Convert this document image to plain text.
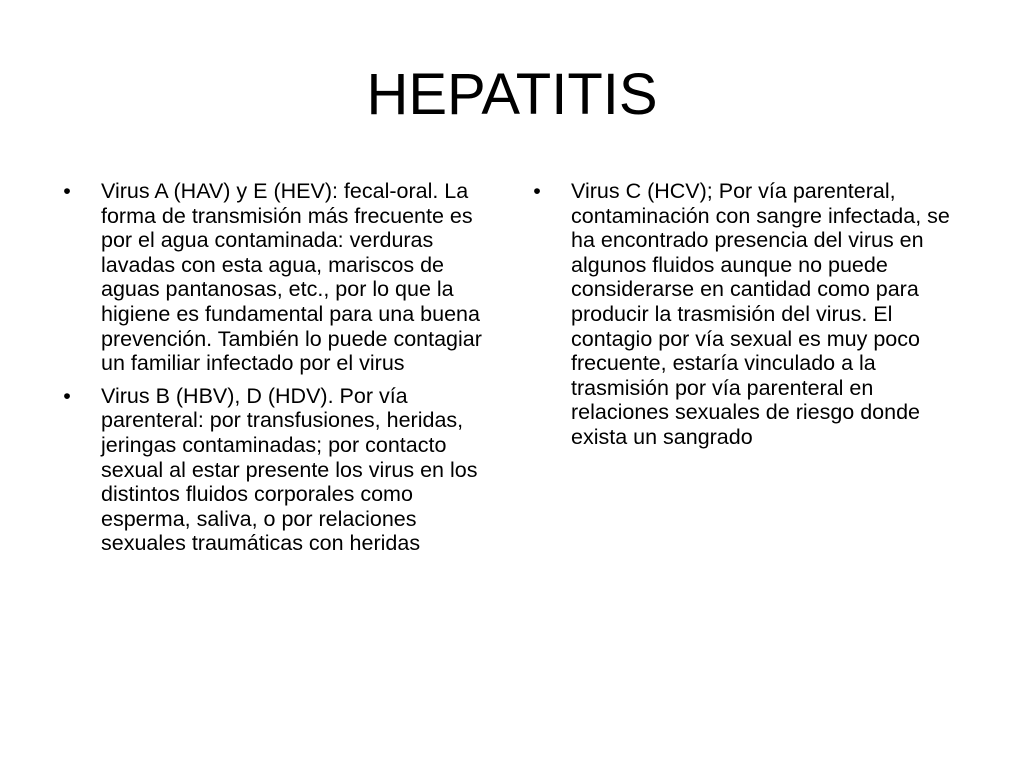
HEPATITIS
• Virus A (HAV) y E (HEV): fecal-oral. La forma de transmisión más frecuente es por el agua contaminada: verduras lavadas con esta agua, mariscos de aguas pantanosas, etc., por lo que la higiene es fundamental para una buena prevención. También lo puede contagiar un familiar infectado por el virus
• Virus B (HBV), D (HDV). Por vía parenteral: por transfusiones, heridas, jeringas contaminadas; por contacto sexual al estar presente los virus en los distintos fluidos corporales como esperma, saliva, o por relaciones sexuales traumáticas con heridas
• Virus C (HCV); Por vía parenteral, contaminación con sangre infectada, se ha encontrado presencia del virus en algunos fluidos aunque no puede considerarse en cantidad como para producir la trasmisión del virus. El contagio por vía sexual es muy poco frecuente, estaría vinculado a la trasmisión por vía parenteral en relaciones sexuales de riesgo donde exista un sangrado
